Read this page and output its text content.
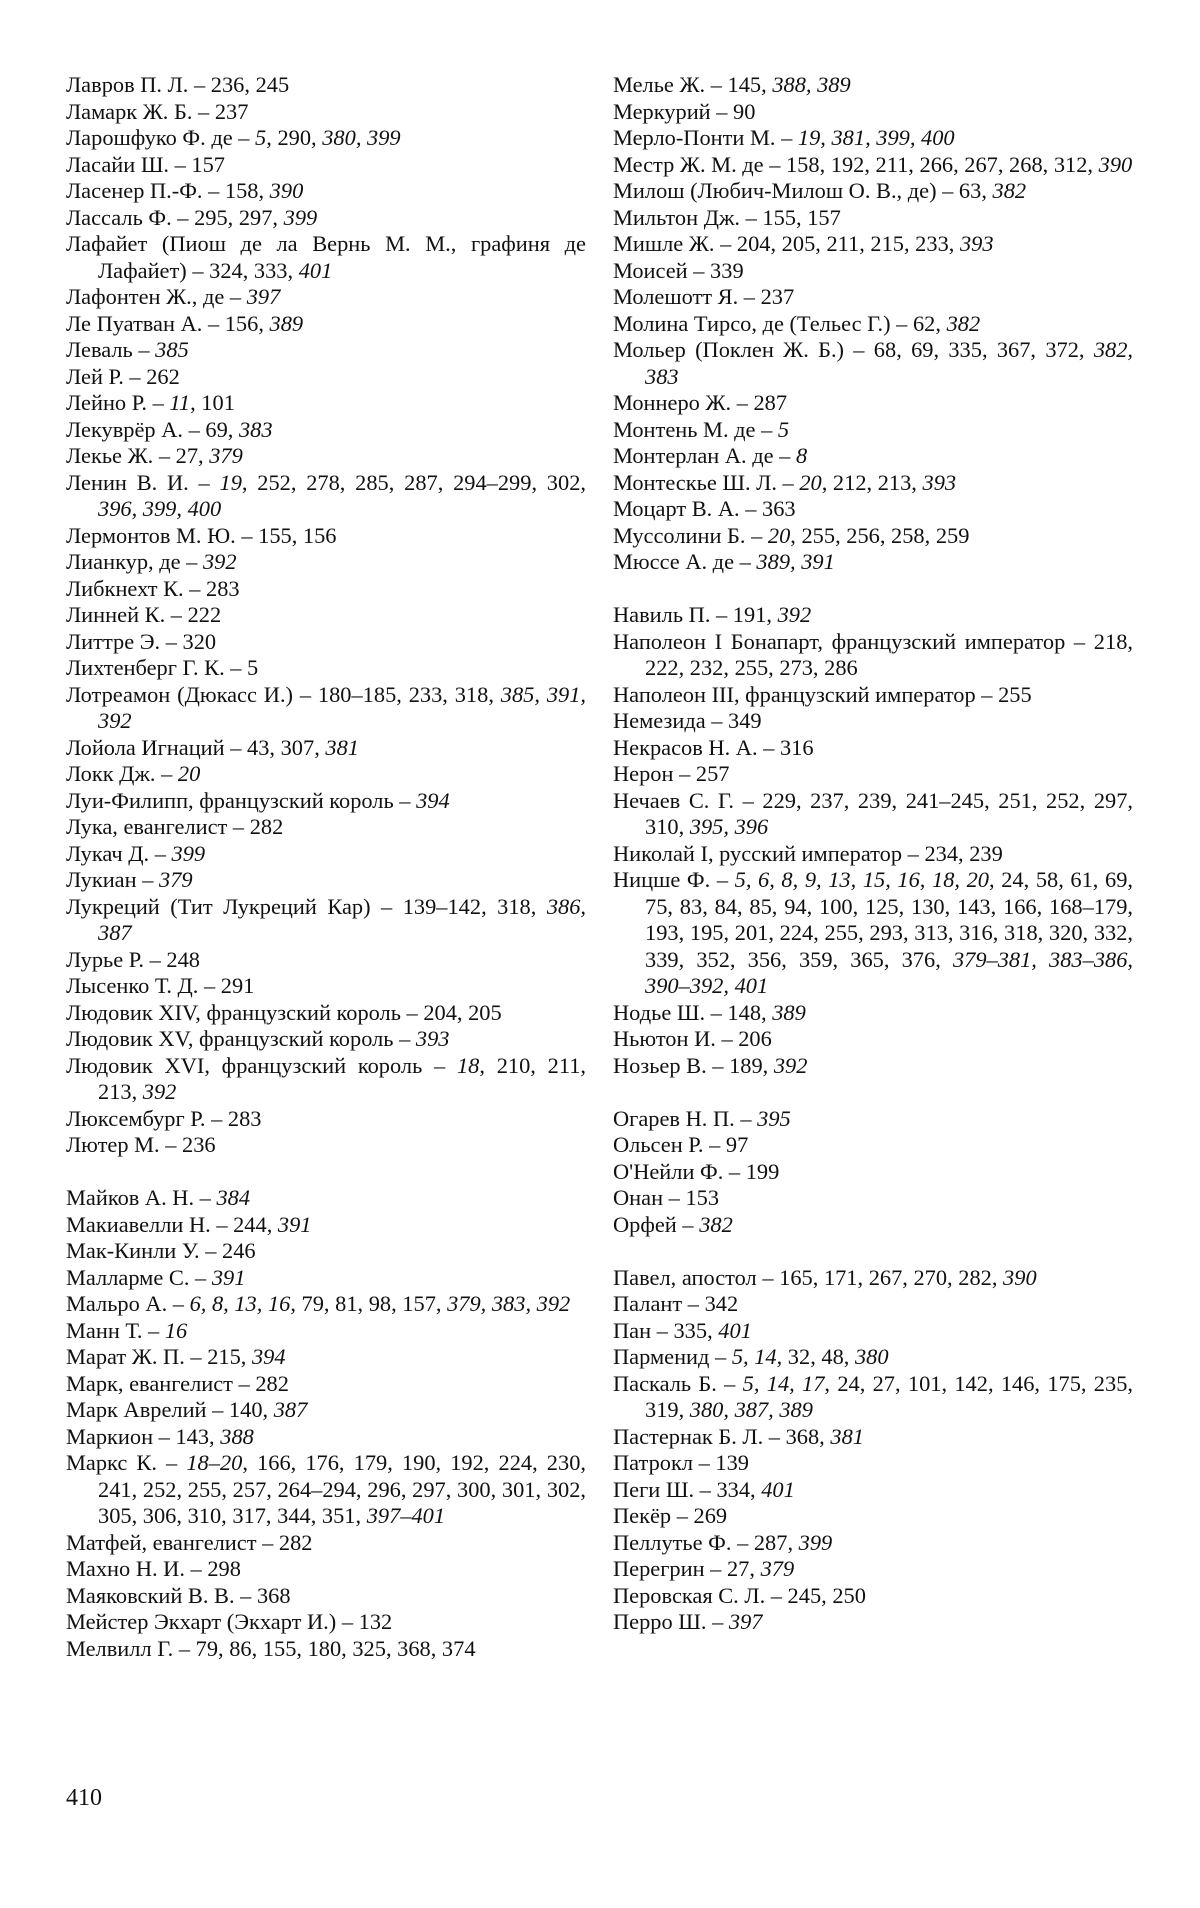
Лавров П. Л. – 236, 245
Ламарк Ж. Б. – 237
Ларошфуко Ф. де – 5, 290, 380, 399
Ласайи Ш. – 157
Ласенер П.-Ф. – 158, 390
Лассаль Ф. – 295, 297, 399
Лафайет (Пиош де ла Вернь М. М., графиня де Лафайет) – 324, 333, 401
Лафонтен Ж., де – 397
Ле Пуатван А. – 156, 389
Леваль – 385
Лей Р. – 262
Лейно Р. – 11, 101
Лекуврёр А. – 69, 383
Лекье Ж. – 27, 379
Ленин В. И. – 19, 252, 278, 285, 287, 294–299, 302, 396, 399, 400
Лермонтов М. Ю. – 155, 156
Лианкур, де – 392
Либкнехт К. – 283
Линней К. – 222
Литтре Э. – 320
Лихтенберг Г. К. – 5
Лотреамон (Дюкасс И.) – 180–185, 233, 318, 385, 391, 392
Лойола Игнаций – 43, 307, 381
Локк Дж. – 20
Луи-Филипп, французский король – 394
Лука, евангелист – 282
Лукач Д. – 399
Лукиан – 379
Лукреций (Тит Лукреций Кар) – 139–142, 318, 386, 387
Лурье Р. – 248
Лысенко Т. Д. – 291
Людовик XIV, французский король – 204, 205
Людовик XV, французский король – 393
Людовик XVI, французский король – 18, 210, 211, 213, 392
Люксембург Р. – 283
Лютер М. – 236
Майков А. Н. – 384
Макиавелли Н. – 244, 391
Мак-Кинли У. – 246
Малларме С. – 391
Мальро А. – 6, 8, 13, 16, 79, 81, 98, 157, 379, 383, 392
Манн Т. – 16
Марат Ж. П. – 215, 394
Марк, евангелист – 282
Марк Аврелий – 140, 387
Маркион – 143, 388
Маркс К. – 18–20, 166, 176, 179, 190, 192, 224, 230, 241, 252, 255, 257, 264–294, 296, 297, 300, 301, 302, 305, 306, 310, 317, 344, 351, 397–401
Матфей, евангелист – 282
Махно Н. И. – 298
Маяковский В. В. – 368
Мейстер Экхарт (Экхарт И.) – 132
Мелвилл Г. – 79, 86, 155, 180, 325, 368, 374
Мелье Ж. – 145, 388, 389
Меркурий – 90
Мерло-Понти М. – 19, 381, 399, 400
Местр Ж. М. де – 158, 192, 211, 266, 267, 268, 312, 390
Милош (Любич-Милош О. В., де) – 63, 382
Мильтон Дж. – 155, 157
Мишле Ж. – 204, 205, 211, 215, 233, 393
Моисей – 339
Молешотт Я. – 237
Молина Тирсо, де (Тельес Г.) – 62, 382
Мольер (Поклен Ж. Б.) – 68, 69, 335, 367, 372, 382, 383
Моннеро Ж. – 287
Монтень М. де – 5
Монтерлан А. де – 8
Монтескье Ш. Л. – 20, 212, 213, 393
Моцарт В. А. – 363
Муссолини Б. – 20, 255, 256, 258, 259
Мюссе А. де – 389, 391
Навиль П. – 191, 392
Наполеон I Бонапарт, французский император – 218, 222, 232, 255, 273, 286
Наполеон III, французский император – 255
Немезида – 349
Некрасов Н. А. – 316
Нерон – 257
Нечаев С. Г. – 229, 237, 239, 241–245, 251, 252, 297, 310, 395, 396
Николай I, русский император – 234, 239
Ницше Ф. – 5, 6, 8, 9, 13, 15, 16, 18, 20, 24, 58, 61, 69, 75, 83, 84, 85, 94, 100, 125, 130, 143, 166, 168–179, 193, 195, 201, 224, 255, 293, 313, 316, 318, 320, 332, 339, 352, 356, 359, 365, 376, 379–381, 383–386, 390–392, 401
Нодье Ш. – 148, 389
Ньютон И. – 206
Нозьер В. – 189, 392
Огарев Н. П. – 395
Ольсен Р. – 97
О'Нейли Ф. – 199
Онан – 153
Орфей – 382
Павел, апостол – 165, 171, 267, 270, 282, 390
Палант – 342
Пан – 335, 401
Парменид – 5, 14, 32, 48, 380
Паскаль Б. – 5, 14, 17, 24, 27, 101, 142, 146, 175, 235, 319, 380, 387, 389
Пастернак Б. Л. – 368, 381
Патрокл – 139
Пеги Ш. – 334, 401
Пекёр – 269
Пеллутье Ф. – 287, 399
Перегрин – 27, 379
Перовская С. Л. – 245, 250
Перро Ш. – 397
410
